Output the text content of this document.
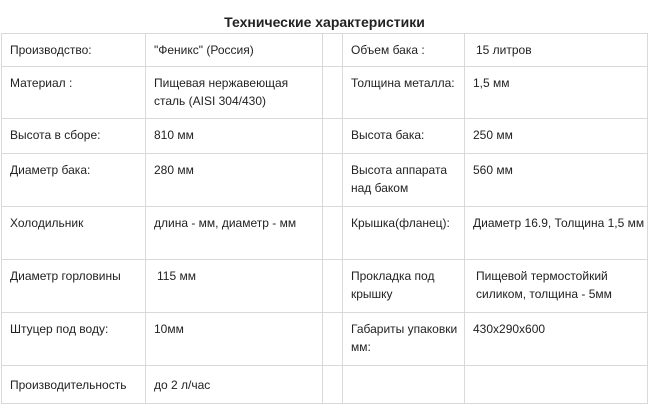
Технические характеристики
Производство:	"Феникс" (Россия)		Объем бака :	15 литров
Материал :	Пищевая нержавеющая сталь (AISI 304/430)		Толщина металла:	1,5 мм
Высота в сборе:	810 мм		Высота бака:	250 мм
Диаметр бака:	280 мм		Высота аппарата над баком	560 мм
Холодильник	длина - мм, диаметр - мм		Крышка(фланец):	Диаметр 16.9, Толщина 1,5 мм
Диаметр горловины	115 мм		Прокладка под крышку	Пищевой термостойкий силиком, толщина - 5мм
Штуцер под воду:	10мм		Габариты упаковки мм:	430x290x600
Производительность	до 2 л/час			
